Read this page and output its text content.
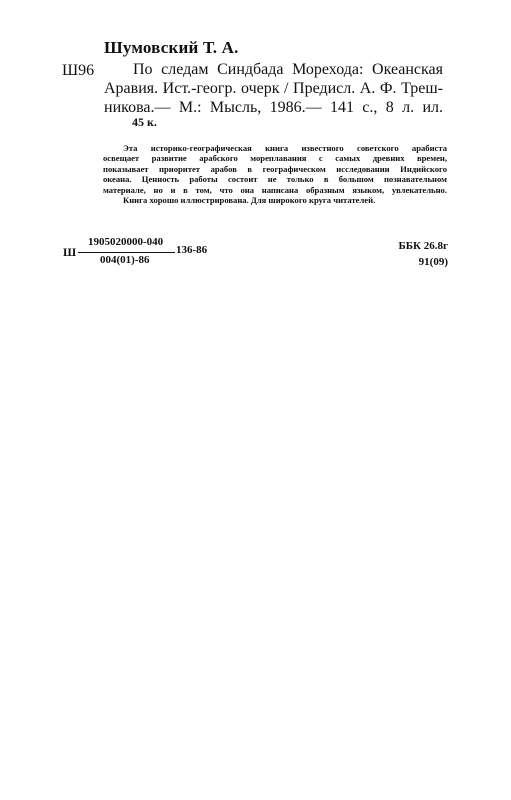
Шумовский Т. А.
Ш96	По следам Синдбада Морехода: Океанская
Аравия. Ист.-геогр. очерк / Предисл. А. Ф. Треш-
никова.— М.: Мысль, 1986.— 141 с., 8 л. ил.
45 к.
Эта историко-географическая книга известного советского арабиста
освещает развитие арабского мореплавания с самых древних времен,
показывает приоритет арабов в географическом исследовании Индийского
океана. Ценность работы состоит не только в большом познавательном
материале, но и в том, что она написана образным языком, увлекательно.
Книга хорошо иллюстрирована. Для широкого круга читателей.
Ш
1905020000-040
004(01)-86
136-86	ББК 26.8г
91(09)
